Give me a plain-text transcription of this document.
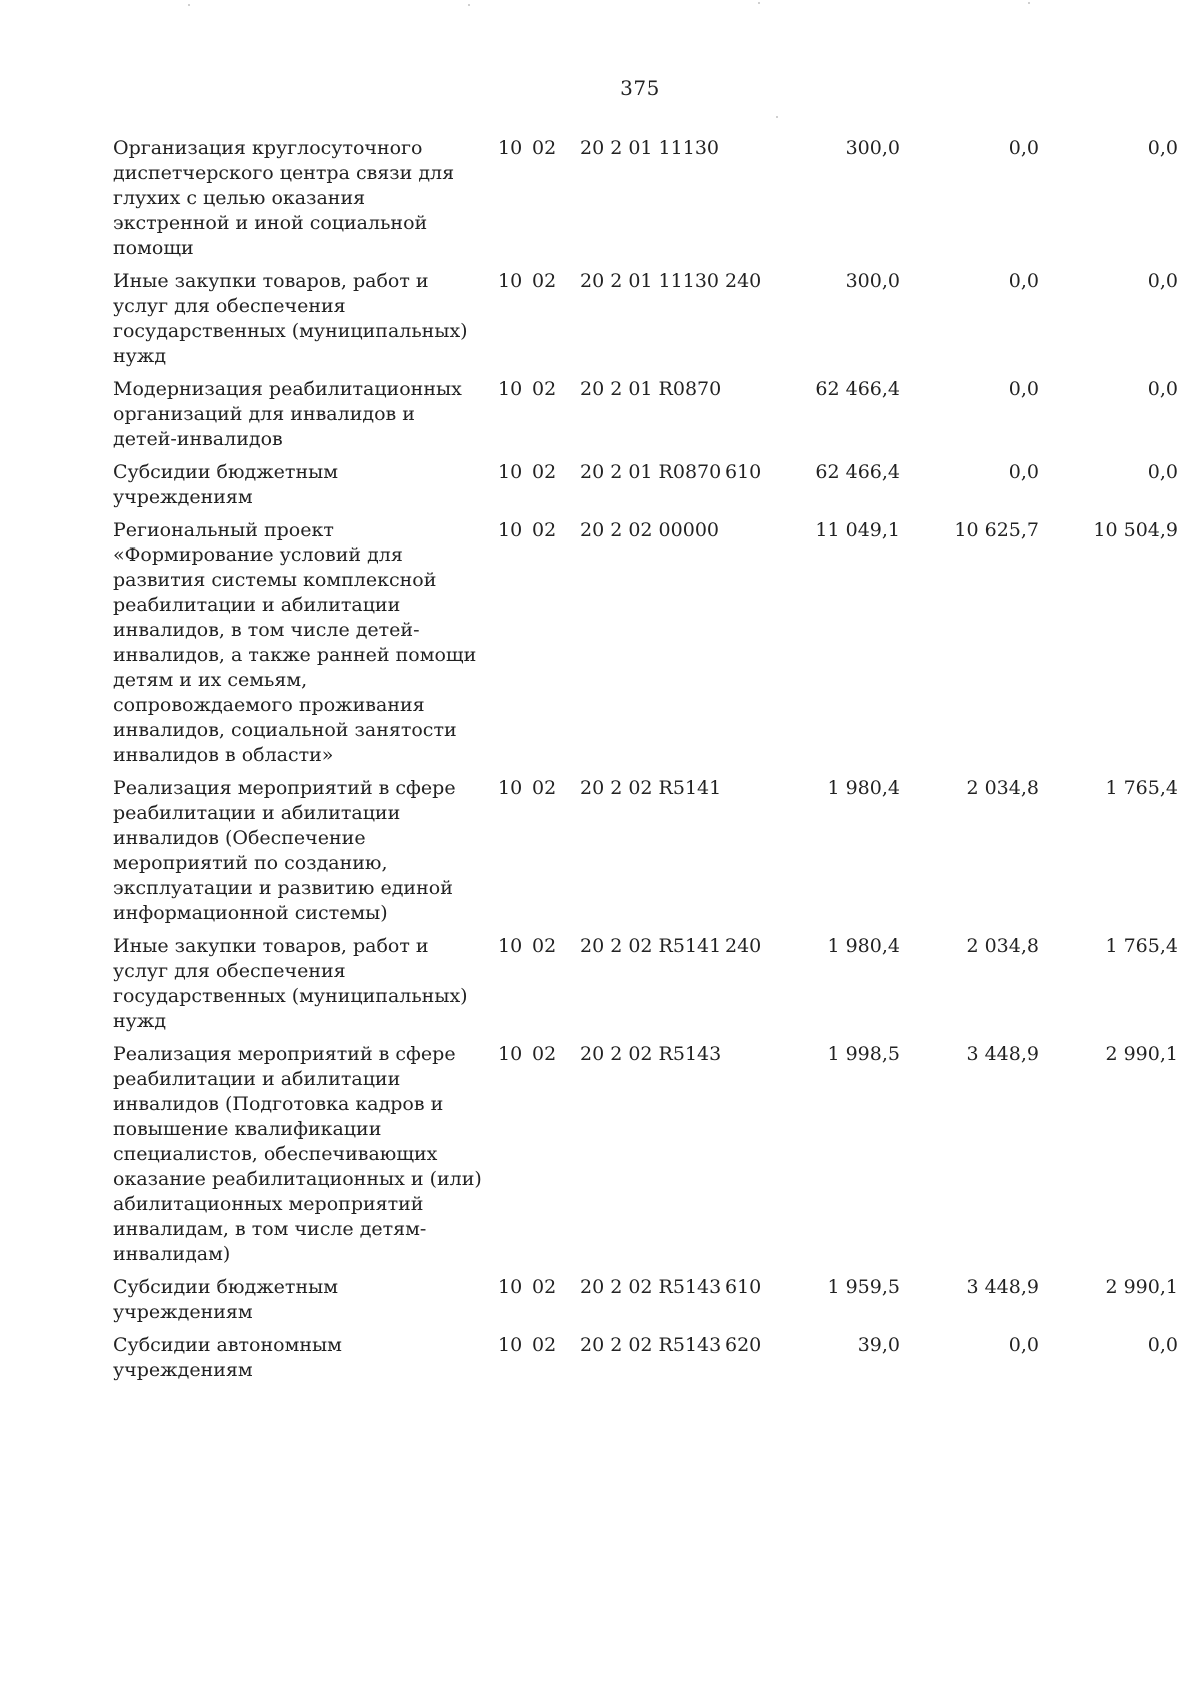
375
Организация круглосуточного диспетчерского центра связи для глухих с целью оказания экстренной и иной социальной помощи
10 02 20 2 01 11130	300,0	0,0	0,0
Иные закупки товаров, работ и услуг для обеспечения государственных (муниципальных) нужд
10 02 20 2 01 11130 240	300,0	0,0	0,0
Модернизация реабилитационных организаций для инвалидов и детей-инвалидов
10 02 20 2 01 R0870	62 466,4	0,0	0,0
Субсидии бюджетным учреждениям
10 02 20 2 01 R0870 610	62 466,4	0,0	0,0
Региональный проект «Формирование условий для развития системы комплексной реабилитации и абилитации инвалидов, в том числе детей-инвалидов, а также ранней помощи детям и их семьям, сопровождаемого проживания инвалидов, социальной занятости инвалидов в области»
10 02 20 2 02 00000	11 049,1	10 625,7	10 504,9
Реализация мероприятий в сфере реабилитации и абилитации инвалидов (Обеспечение мероприятий по созданию, эксплуатации и развитию единой информационной системы)
10 02 20 2 02 R5141	1 980,4	2 034,8	1 765,4
Иные закупки товаров, работ и услуг для обеспечения государственных (муниципальных) нужд
10 02 20 2 02 R5141 240	1 980,4	2 034,8	1 765,4
Реализация мероприятий в сфере реабилитации и абилитации инвалидов (Подготовка кадров и повышение квалификации специалистов, обеспечивающих оказание реабилитационных и (или) абилитационных мероприятий инвалидам, в том числе детям-инвалидам)
10 02 20 2 02 R5143	1 998,5	3 448,9	2 990,1
Субсидии бюджетным учреждениям
10 02 20 2 02 R5143 610	1 959,5	3 448,9	2 990,1
Субсидии автономным учреждениям
10 02 20 2 02 R5143 620	39,0	0,0	0,0
